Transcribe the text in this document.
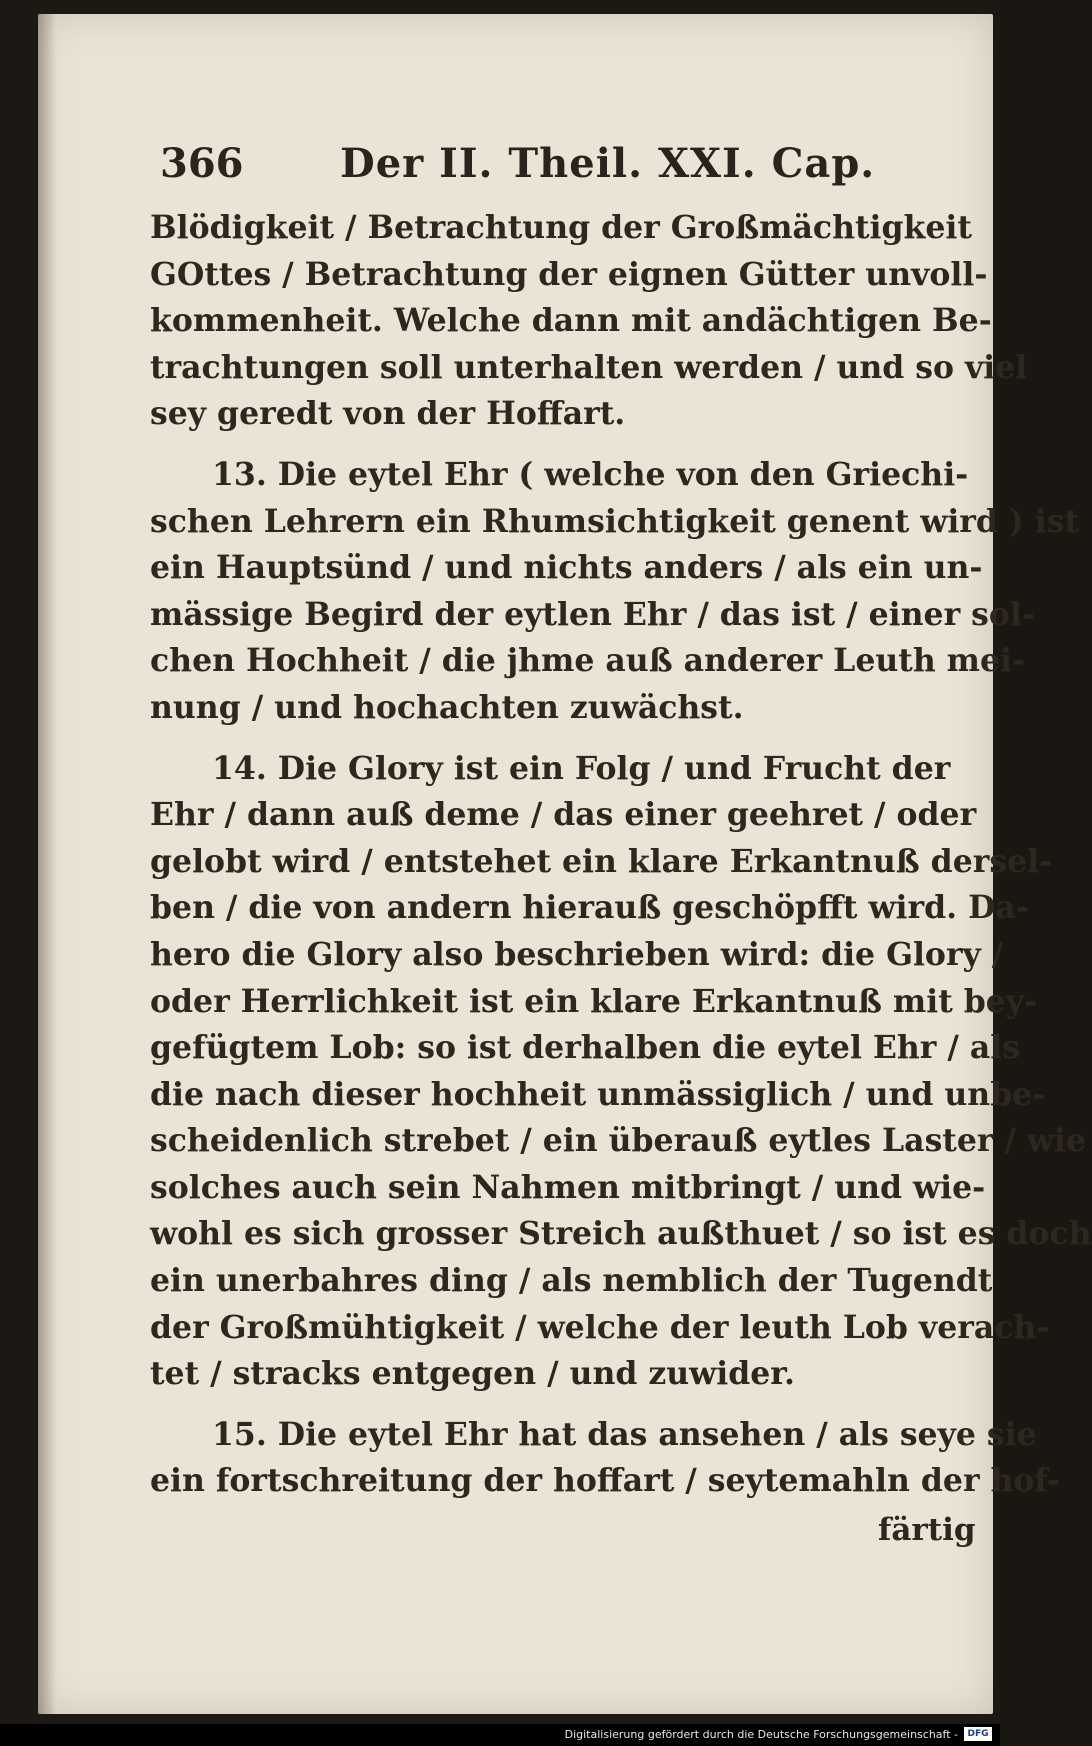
366 Der II. Theil. XXI. Cap.
Blödigkeit / Betrachtung der Großmächtigkeit
GOttes / Betrachtung der eignen Gütter unvoll-
kommenheit. Welche dann mit andächtigen Be-
trachtungen soll unterhalten werden / und so viel
sey geredt von der Hoffart.
13. Die eytel Ehr ( welche von den Griechi-
schen Lehrern ein Rhumsichtigkeit genent wird ) ist
ein Hauptsünd / und nichts anders / als ein un-
mässige Begird der eytlen Ehr / das ist / einer sol-
chen Hochheit / die jhme auß anderer Leuth mei-
nung / und hochachten zuwächst.
14. Die Glory ist ein Folg / und Frucht der
Ehr / dann auß deme / das einer geehret / oder
gelobt wird / entstehet ein klare Erkantnuß dersel-
ben / die von andern hierauß geschöpfft wird. Da-
hero die Glory also beschrieben wird: die Glory /
oder Herrlichkeit ist ein klare Erkantnuß mit bey-
gefügtem Lob: so ist derhalben die eytel Ehr / als
die nach dieser hochheit unmässiglich / und unbe-
scheidenlich strebet / ein überauß eytles Laster / wie
solches auch sein Nahmen mitbringt / und wie-
wohl es sich grosser Streich außthuet / so ist es doch
ein unerbahres ding / als nemblich der Tugendt
der Großmühtigkeit / welche der leuth Lob verach-
tet / stracks entgegen / und zuwider.
15. Die eytel Ehr hat das ansehen / als seye sie
ein fortschreitung der hoffart / seytemahln der hof-
färtig
Digitalisierung gefördert durch die Deutsche Forschungsgemeinschaft -	DFG
